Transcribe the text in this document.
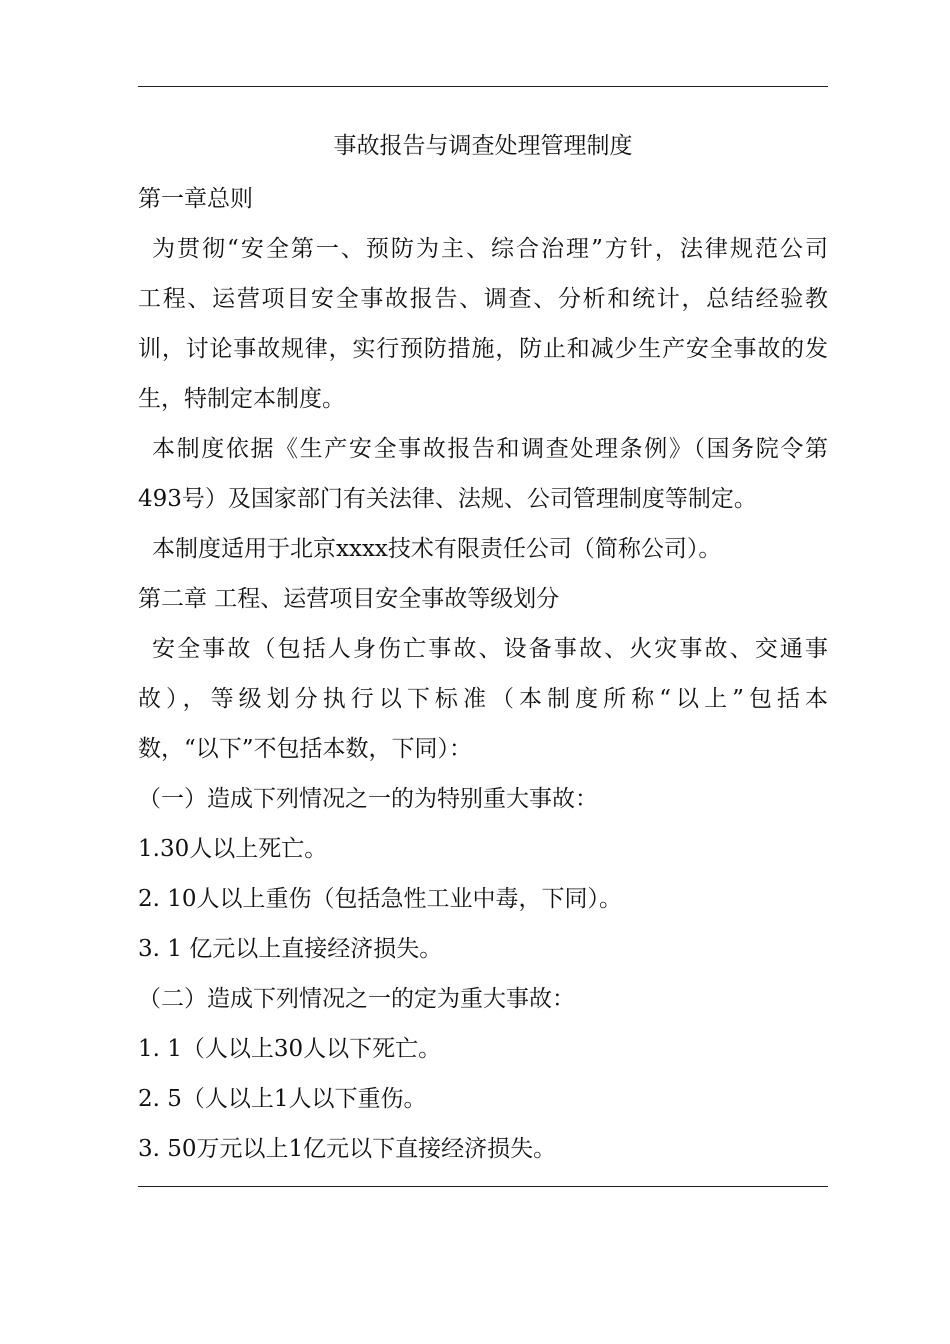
事故报告与调查处理管理制度

第一章总则

为贯彻“安全第一、预防为主、综合治理”方针，法律规范公司

工程、运营项目安全事故报告、调查、分析和统计，总结经验教

训，讨论事故规律，实行预防措施，防止和减少生产安全事故的发

生，特制定本制度。

本制度依据《生产安全事故报告和调查处理条例》（国务院令第

493号）及国家部门有关法律、法规、公司管理制度等制定。

本制度适用于北京xxxx技术有限责任公司（简称公司）。

第二章 工程、运营项目安全事故等级划分

安全事故（包括人身伤亡事故、设备事故、火灾事故、交通事

故），等级划分执行以下标准（本制度所称“以上”包括本

数，“以下”不包括本数，下同）：

（一）造成下列情况之一的为特别重大事故：

1.30人以上死亡。

2. 10人以上重伤（包括急性工业中毒，下同）。

3. 1 亿元以上直接经济损失。

（二）造成下列情况之一的定为重大事故：

1. 1（人以上30人以下死亡。

2. 5（人以上1人以下重伤。

3. 50万元以上1亿元以下直接经济损失。
